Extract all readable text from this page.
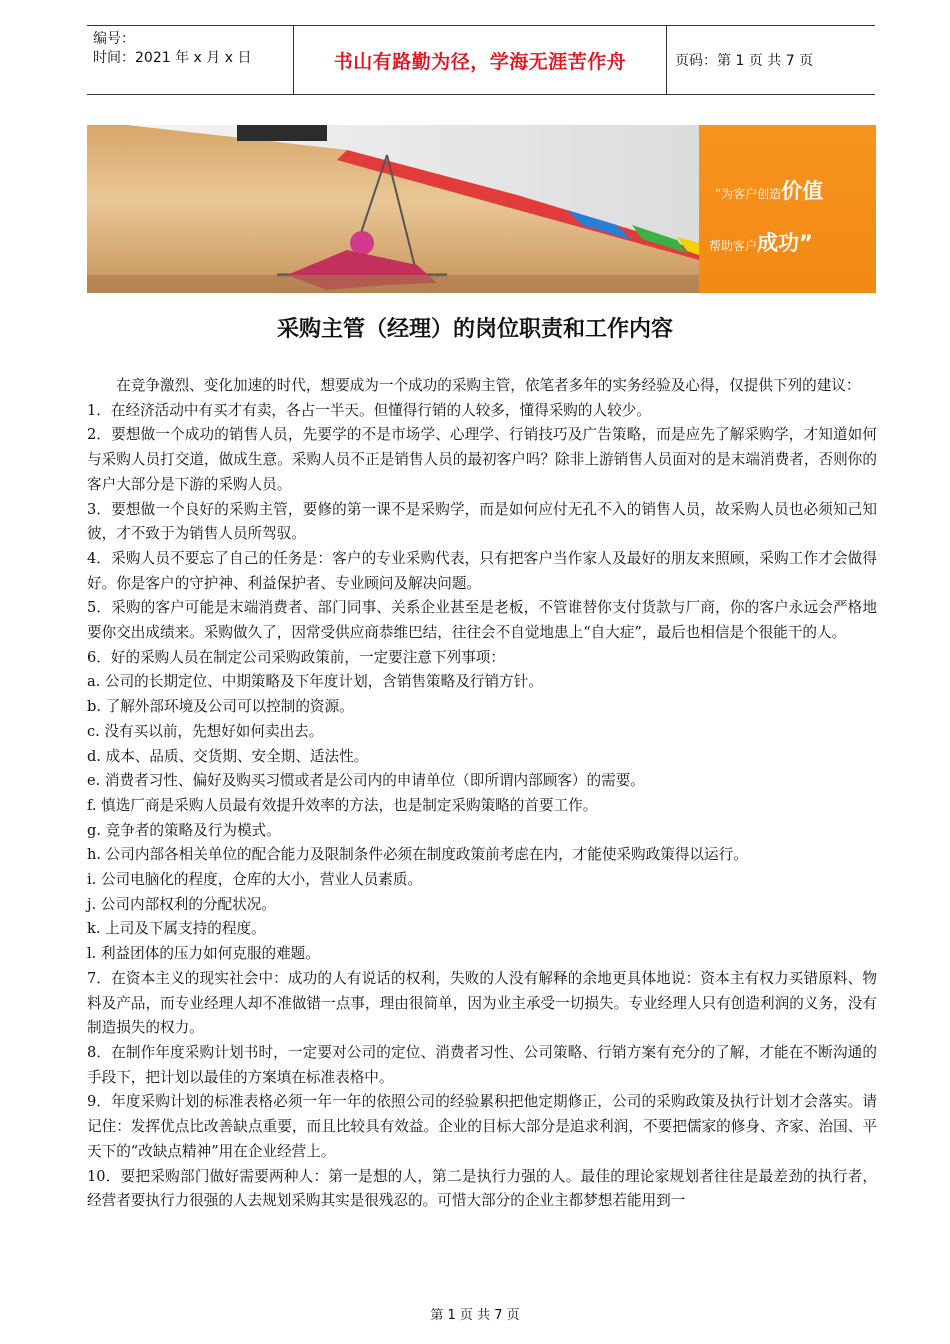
编号：
时间：2021 年 x 月 x 日	书山有路勤为径，学海无涯苦作舟	页码：第 1 页 共 7 页
”为客户创造价值
帮助客户成功”
采购主管（经理）的岗位职责和工作内容

在竞争激烈、变化加速的时代，想要成为一个成功的采购主管，依笔者多年的实务经验及心得，仅提供下列的建议：

1．在经济活动中有买才有卖，各占一半天。但懂得行销的人较多，懂得采购的人较少。

2．要想做一个成功的销售人员，先要学的不是市场学、心理学、行销技巧及广告策略，而是应先了解采购学，才知道如何与采购人员打交道，做成生意。采购人员不正是销售人员的最初客户吗？除非上游销售人员面对的是末端消费者，否则你的客户大部分是下游的采购人员。

3．要想做一个良好的采购主管，要修的第一课不是采购学，而是如何应付无孔不入的销售人员，故采购人员也必须知己知彼，才不致于为销售人员所驾驭。

4．采购人员不要忘了自己的任务是：客户的专业采购代表，只有把客户当作家人及最好的朋友来照顾，采购工作才会做得好。你是客户的守护神、利益保护者、专业顾问及解决问题。

5．采购的客户可能是末端消费者、部门同事、关系企业甚至是老板，不管谁替你支付货款与厂商，你的客户永远会严格地要你交出成绩来。采购做久了，因常受供应商恭维巴结，往往会不自觉地患上“自大症”，最后也相信是个很能干的人。

6．好的采购人员在制定公司采购政策前，一定要注意下列事项：

a. 公司的长期定位、中期策略及下年度计划，含销售策略及行销方针。

b. 了解外部环境及公司可以控制的资源。

c. 没有买以前，先想好如何卖出去。

d. 成本、品质、交货期、安全期、适法性。

e. 消费者习性、偏好及购买习惯或者是公司内的申请单位（即所谓内部顾客）的需要。

f. 慎选厂商是采购人员最有效提升效率的方法，也是制定采购策略的首要工作。

g. 竞争者的策略及行为模式。

h. 公司内部各相关单位的配合能力及限制条件必须在制度政策前考虑在内，才能使采购政策得以运行。

i. 公司电脑化的程度，仓库的大小，营业人员素质。

j. 公司内部权利的分配状况。

k. 上司及下属支持的程度。

l. 利益团体的压力如何克服的难题。

7．在资本主义的现实社会中：成功的人有说话的权利，失败的人没有解释的余地更具体地说：资本主有权力买错原料、物料及产品，而专业经理人却不准做错一点事，理由很简单，因为业主承受一切损失。专业经理人只有创造利润的义务，没有制造损失的权力。

8．在制作年度采购计划书时，一定要对公司的定位、消费者习性、公司策略、行销方案有充分的了解，才能在不断沟通的手段下，把计划以最佳的方案填在标准表格中。

9．年度采购计划的标准表格必须一年一年的依照公司的经验累积把他定期修正，公司的采购政策及执行计划才会落实。请记住：发挥优点比改善缺点重要，而且比较具有效益。企业的目标大部分是追求利润，不要把儒家的修身、齐家、治国、平天下的“改缺点精神”用在企业经营上。

10．要把采购部门做好需要两种人：第一是想的人，第二是执行力强的人。最佳的理论家规划者往往是最差劲的执行者，经营者要执行力很强的人去规划采购其实是很残忍的。可惜大部分的企业主都梦想若能用到一

第 1 页 共 7 页
